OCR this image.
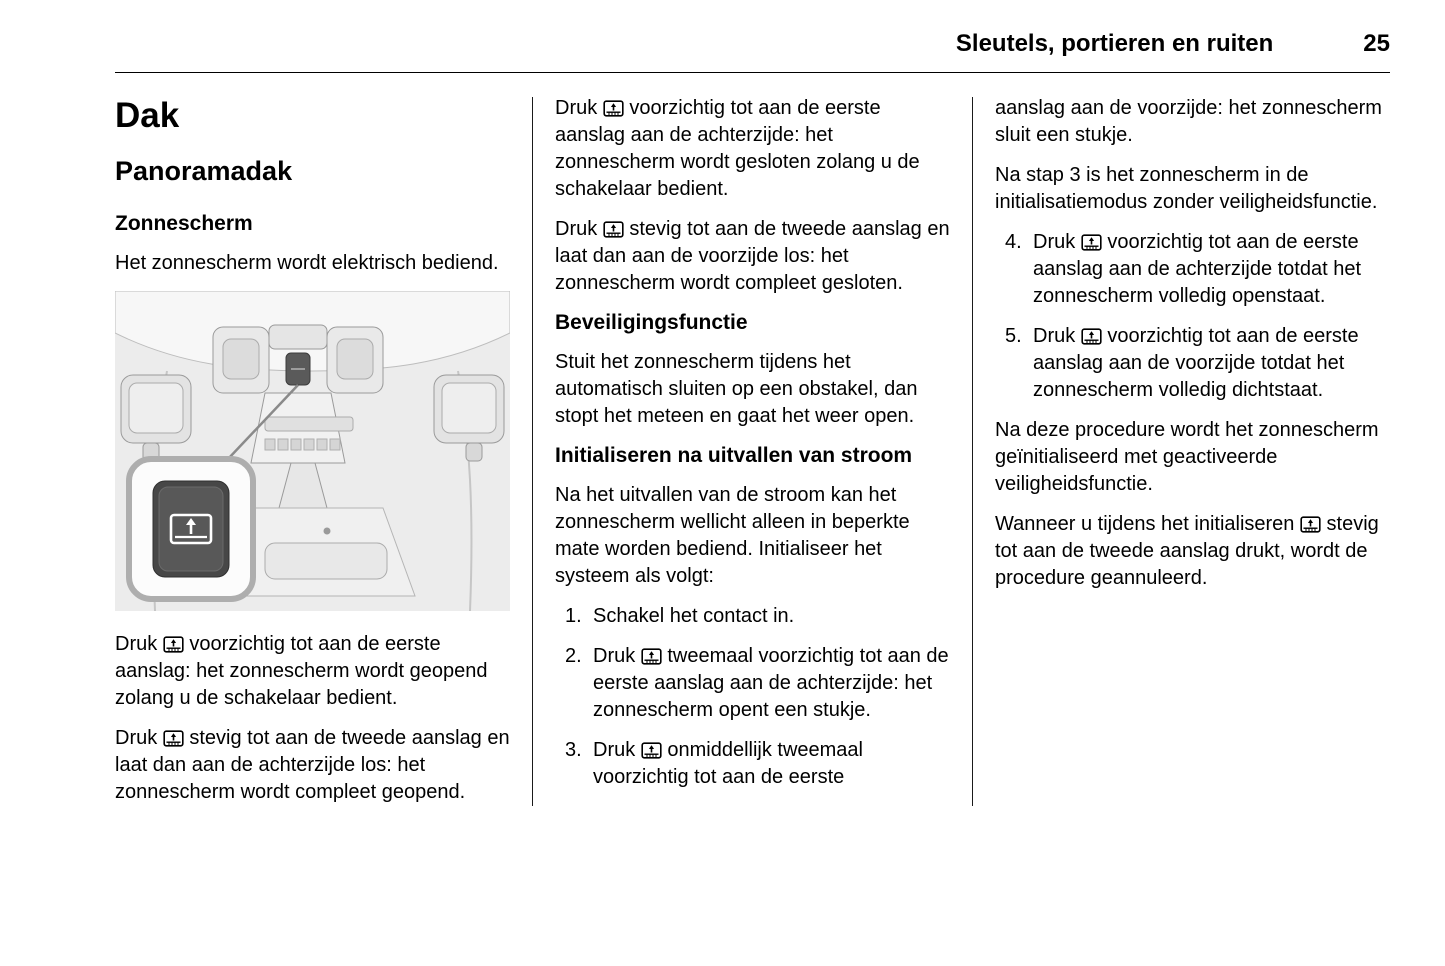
Sleutels, portieren en ruiten	25
Dak
Panoramadak
Zonnescherm

Het zonnescherm wordt elektrisch bediend.

Druk
voorzichtig tot aan de eerste aanslag: het zonnescherm wordt geopend zolang u de schakelaar bedient.

Druk
stevig tot aan de tweede aanslag en laat dan aan de achterzijde los: het zonnescherm wordt compleet geopend.

Druk
voorzichtig tot aan de eerste aanslag aan de achterzijde: het zonnescherm wordt gesloten zolang u de schakelaar bedient.

Druk
stevig tot aan de tweede aanslag en laat dan aan de voorzijde los: het zonnescherm wordt compleet gesloten.

Beveiligingsfunctie

Stuit het zonnescherm tijdens het automatisch sluiten op een obstakel, dan stopt het meteen en gaat het weer open.

Initialiseren na uitvallen van stroom

Na het uitvallen van de stroom kan het zonnescherm wellicht alleen in beperkte mate worden bediend. Initialiseer het systeem als volgt:

1. Schakel het contact in.
2. Druk
tweemaal voorzichtig tot aan de eerste aanslag aan de achterzijde: het zonnescherm opent een stukje.
3. Druk
onmiddellijk tweemaal voorzichtig tot aan de eerste

aanslag aan de voorzijde: het zonnescherm sluit een stukje.

Na stap 3 is het zonnescherm in de initialisatiemodus zonder veiligheidsfunctie.

4. Druk
voorzichtig tot aan de eerste aanslag aan de achterzijde totdat het zonnescherm volledig openstaat.
5. Druk
voorzichtig tot aan de eerste aanslag aan de voorzijde totdat het zonnescherm volledig dichtstaat.

Na deze procedure wordt het zonnescherm geïnitialiseerd met geactiveerde veiligheidsfunctie.

Wanneer u tijdens het initialiseren
stevig tot aan de tweede aanslag drukt, wordt de procedure geannuleerd.
